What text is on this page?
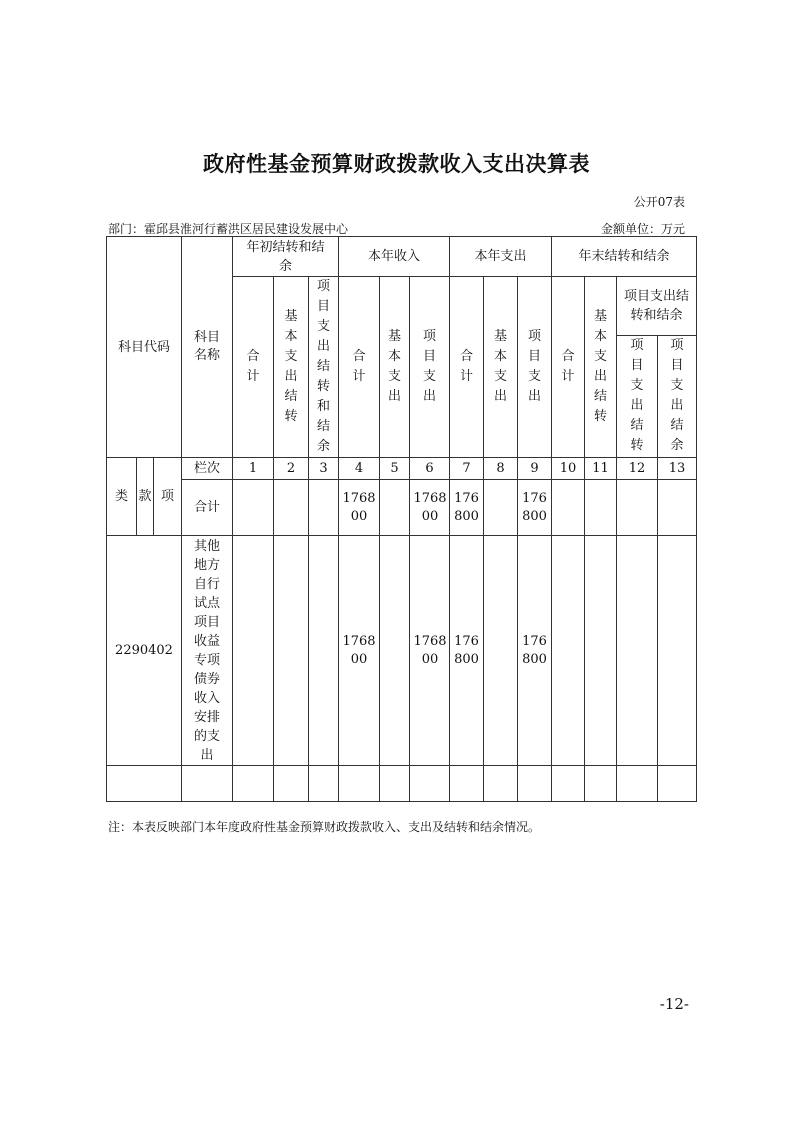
政府性基金预算财政拨款收入支出决算表
公开07表
部门：霍邱县淮河行蓄洪区居民建设发展中心	金额单位：万元
科目代码			科目名称	年初结转和结余			本年收入			本年支出			年末结转和结余			
				合计	基本支出结转	项目支出结转和结余	合计	基本支出	项目支出	合计	基本支出	项目支出	合计	基本支出结转	项目支出结转和结余	
															项目支出结转	项目支出结余
类	款	项	栏次	1	2	3	4	5	6	7	8	9	10	11	12	13
			合计				176800		176800	176800		176800				
2290402			其他地方自行试点项目收益专项债券收入安排的支出				176800		176800	176800		176800				

注：本表反映部门本年度政府性基金预算财政拨款收入、支出及结转和结余情况。
-12-
